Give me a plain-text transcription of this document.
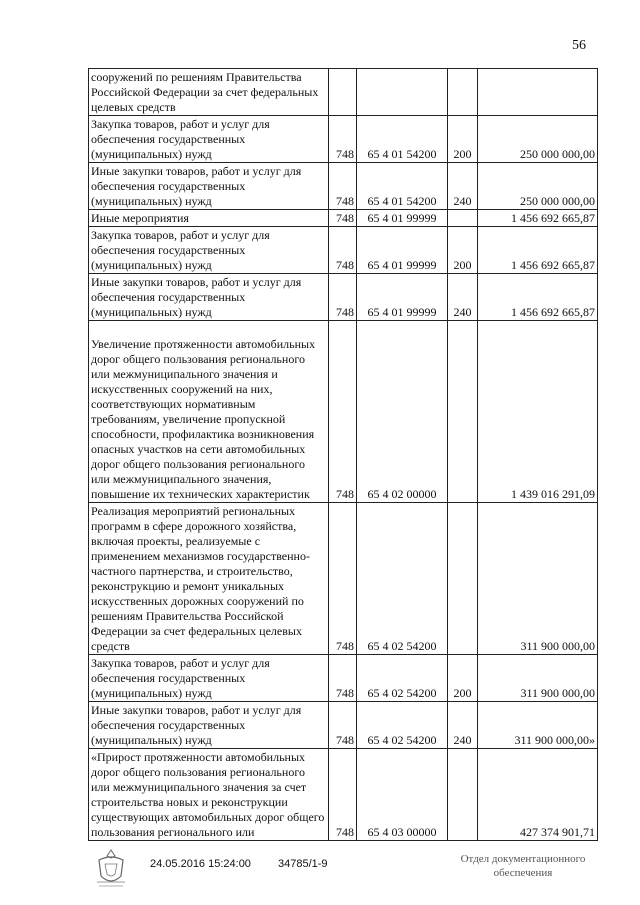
56
сооружений по решениям Правительства Российской Федерации за счет федеральных целевых средств				
Закупка товаров, работ и услуг для обеспечения государственных (муниципальных) нужд	748	65 4 01 54200	200	250 000 000,00
Иные закупки товаров, работ и услуг для обеспечения государственных (муниципальных) нужд	748	65 4 01 54200	240	250 000 000,00
Иные мероприятия	748	65 4 01 99999		1 456 692 665,87
Закупка товаров, работ и услуг для обеспечения государственных (муниципальных) нужд	748	65 4 01 99999	200	1 456 692 665,87
Иные закупки товаров, работ и услуг для обеспечения государственных (муниципальных) нужд	748	65 4 01 99999	240	1 456 692 665,87
Увеличение протяженности автомобильных дорог общего пользования регионального или межмуниципального значения и искусственных сооружений на них, соответствующих нормативным требованиям, увеличение пропускной способности, профилактика возникновения опасных участков на сети автомобильных дорог общего пользования регионального или межмуниципального значения, повышение их технических характеристик	748	65 4 02 00000		1 439 016 291,09
Реализация мероприятий региональных программ в сфере дорожного хозяйства, включая проекты, реализуемые с применением механизмов государственно-частного партнерства, и строительство, реконструкцию и ремонт уникальных искусственных дорожных сооружений по решениям Правительства Российской Федерации за счет федеральных целевых средств	748	65 4 02 54200		311 900 000,00
Закупка товаров, работ и услуг для обеспечения государственных (муниципальных) нужд	748	65 4 02 54200	200	311 900 000,00
Иные закупки товаров, работ и услуг для обеспечения государственных (муниципальных) нужд	748	65 4 02 54200	240	311 900 000,00»
«Прирост протяженности автомобильных дорог общего пользования регионального или межмуниципального значения за счет строительства новых и реконструкции существующих автомобильных дорог общего пользования регионального или	748	65 4 03 00000		427 374 901,71
24.05.2016 15:24:00 34785/1-9	Отдел документационного
обеспечения
